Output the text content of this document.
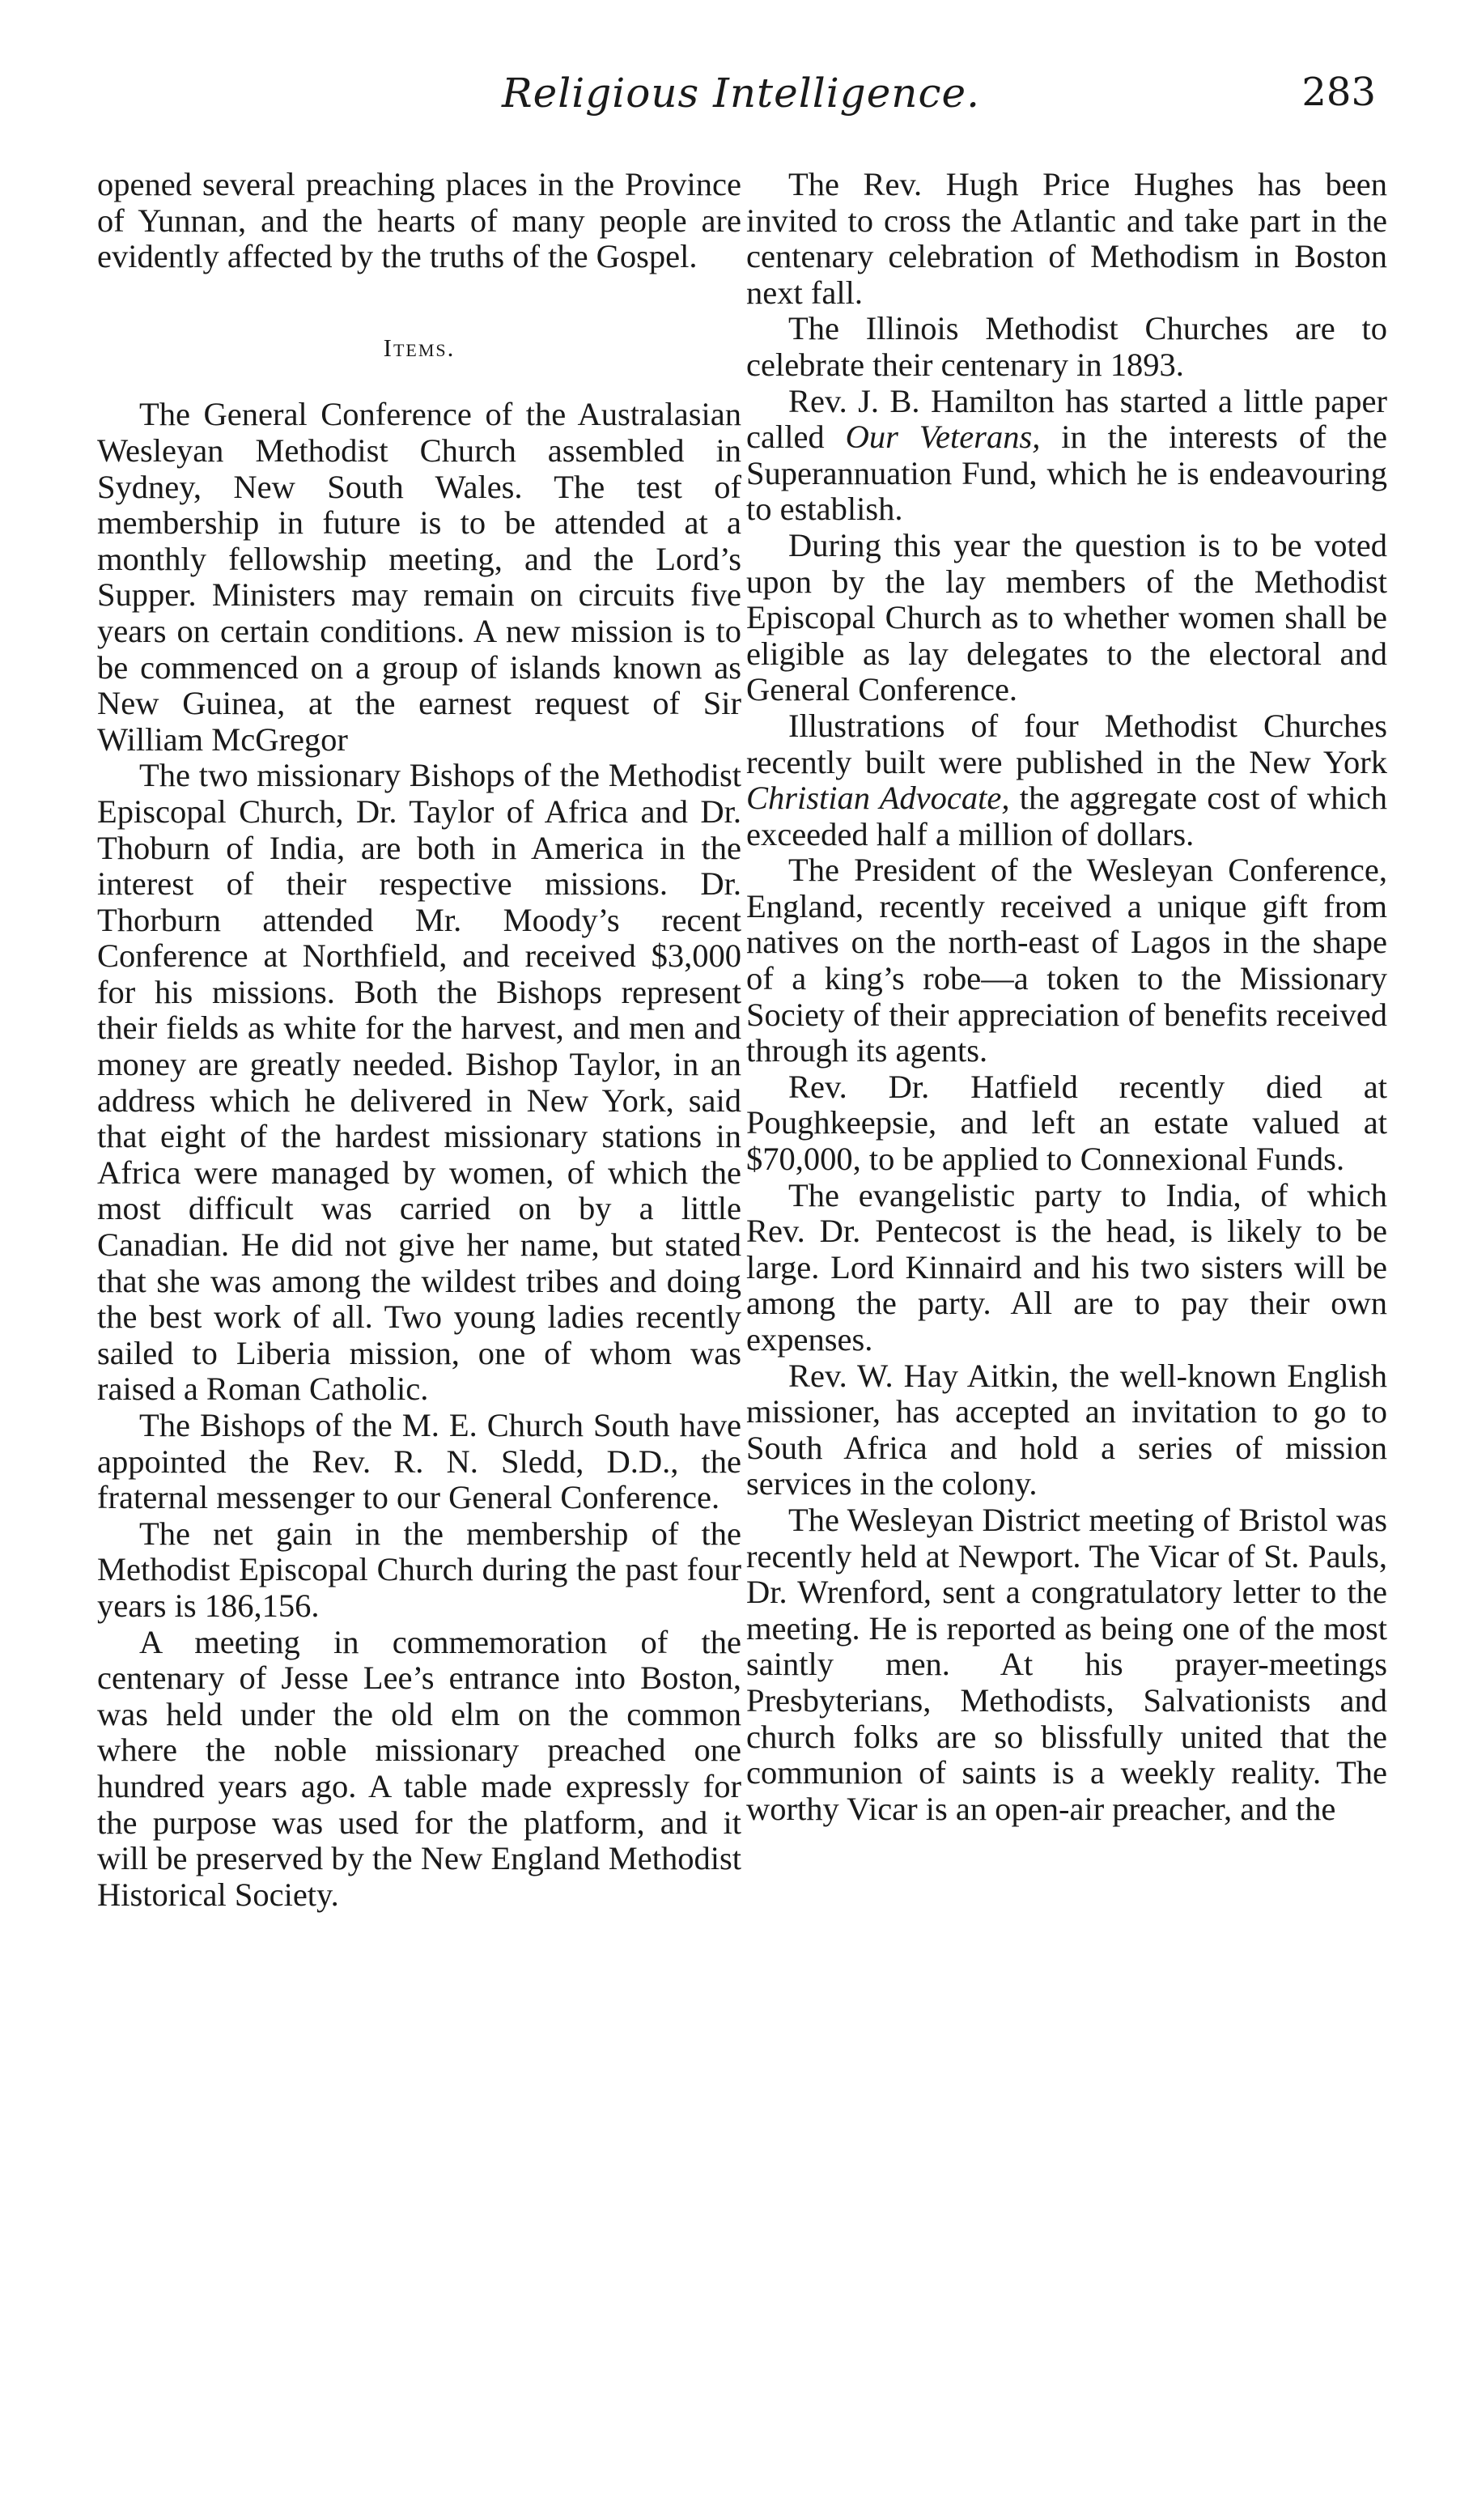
Religious Intelligence.	283

opened several preaching places in the Province of Yunnan, and the hearts of many people are evidently affected by the truths of the Gospel.

Items.

The General Conference of the Australasian Wesleyan Methodist Church assembled in Sydney, New South Wales. The test of membership in future is to be attended at a monthly fellowship meeting, and the Lord’s Supper. Ministers may remain on circuits five years on certain conditions. A new mission is to be commenced on a group of islands known as New Guinea, at the earnest request of Sir William McGregor

The two missionary Bishops of the Methodist Episcopal Church, Dr. Taylor of Africa and Dr. Thoburn of India, are both in America in the interest of their respective missions. Dr. Thorburn attended Mr. Moody’s recent Conference at Northfield, and received $3,000 for his missions. Both the Bishops represent their fields as white for the harvest, and men and money are greatly needed. Bishop Taylor, in an address which he delivered in New York, said that eight of the hardest missionary stations in Africa were managed by women, of which the most difficult was carried on by a little Canadian. He did not give her name, but stated that she was among the wildest tribes and doing the best work of all. Two young ladies recently sailed to Liberia mission, one of whom was raised a Roman Catholic.

The Bishops of the M. E. Church South have appointed the Rev. R. N. Sledd, D.D., the fraternal messenger to our General Conference.

The net gain in the membership of the Methodist Episcopal Church during the past four years is 186,156.

A meeting in commemoration of the centenary of Jesse Lee’s entrance into Boston, was held under the old elm on the common where the noble missionary preached one hundred years ago. A table made expressly for the purpose was used for the platform, and it will be preserved by the New England Methodist Historical Society.

The Rev. Hugh Price Hughes has been invited to cross the Atlantic and take part in the centenary celebration of Methodism in Boston next fall.

The Illinois Methodist Churches are to celebrate their centenary in 1893.

Rev. J. B. Hamilton has started a little paper called Our Veterans, in the interests of the Superannuation Fund, which he is endeavouring to establish.

During this year the question is to be voted upon by the lay members of the Methodist Episcopal Church as to whether women shall be eligible as lay delegates to the electoral and General Conference.

Illustrations of four Methodist Churches recently built were published in the New York Christian Advocate, the aggregate cost of which exceeded half a million of dollars.

The President of the Wesleyan Conference, England, recently received a unique gift from natives on the north-east of Lagos in the shape of a king’s robe—a token to the Missionary Society of their appreciation of benefits received through its agents.

Rev. Dr. Hatfield recently died at Poughkeepsie, and left an estate valued at $70,000, to be applied to Connexional Funds.

The evangelistic party to India, of which Rev. Dr. Pentecost is the head, is likely to be large. Lord Kinnaird and his two sisters will be among the party. All are to pay their own expenses.

Rev. W. Hay Aitkin, the well-known English missioner, has accepted an invitation to go to South Africa and hold a series of mission services in the colony.

The Wesleyan District meeting of Bristol was recently held at Newport. The Vicar of St. Pauls, Dr. Wrenford, sent a congratulatory letter to the meeting. He is reported as being one of the most saintly men. At his prayer-meetings Presbyterians, Methodists, Salvationists and church folks are so blissfully united that the communion of saints is a weekly reality. The worthy Vicar is an open-air preacher, and the
